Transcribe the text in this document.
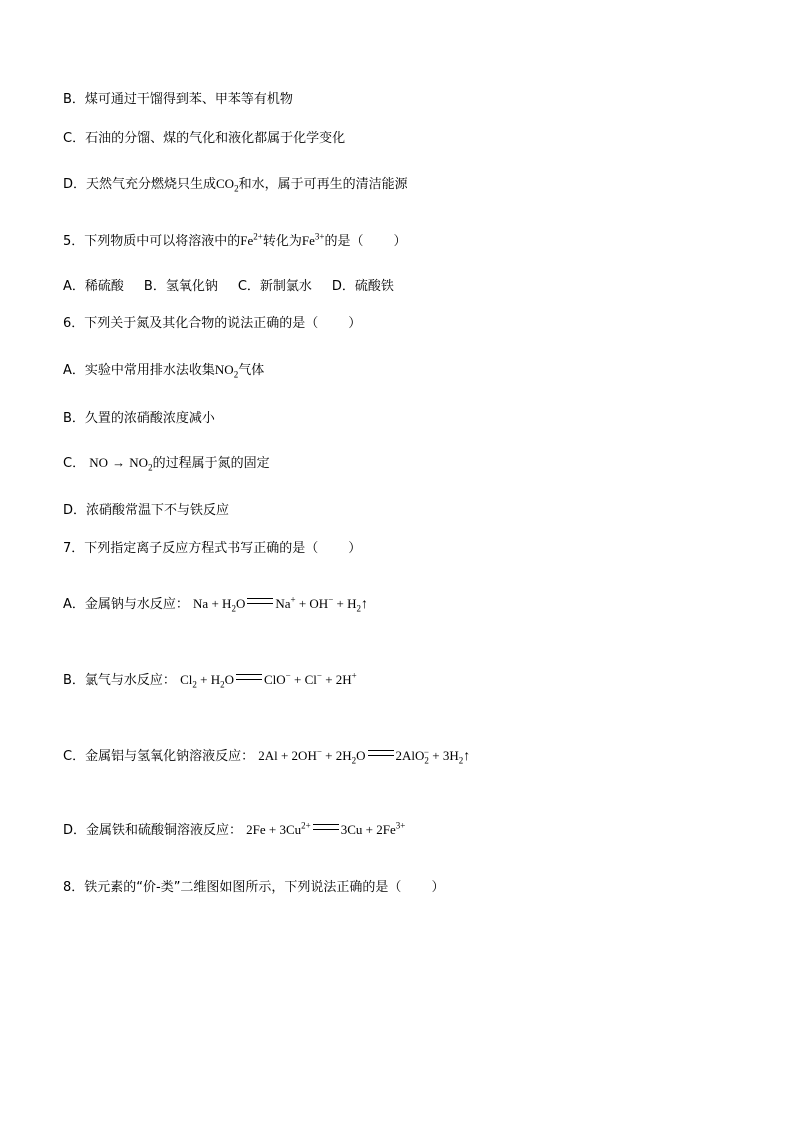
B．煤可通过干馏得到苯、甲苯等有机物
C．石油的分馏、煤的气化和液化都属于化学变化
D．天然气充分燃烧只生成$CO_2$和水，属于可再生的清洁能源
5．下列物质中可以将溶液中的$Fe^{2+}$转化为$Fe^{3+}$的是（ ）
A．稀硫酸 B．氢氧化钠 C．新制氯水 D．硫酸铁
6．下列关于氮及其化合物的说法正确的是（ ）
A．实验中常用排水法收集$NO_2$气体
B．久置的浓硝酸浓度减小
C． NO → $NO_2$的过程属于氮的固定
D．浓硝酸常温下不与铁反应
7．下列指定离子反应方程式书写正确的是（ ）
A．金属钠与水反应： $Na + H_2O$ $Na^+ + OH^- + H_2↑$
B．氯气与水反应： $Cl_2 + H_2O$ ClO− + Cl− + 2H+
C．金属铝与氢氧化钠溶液反应： $2Al + 2OH^- + 2H_2O$ $2AlO_2^- + 3H_2↑$
D．金属铁和硫酸铜溶液反应： $2Fe + 3Cu^{2+}$ $3Cu + 2Fe^{3+}$
8．铁元素的“价-类”二维图如图所示，下列说法正确的是（ ）
